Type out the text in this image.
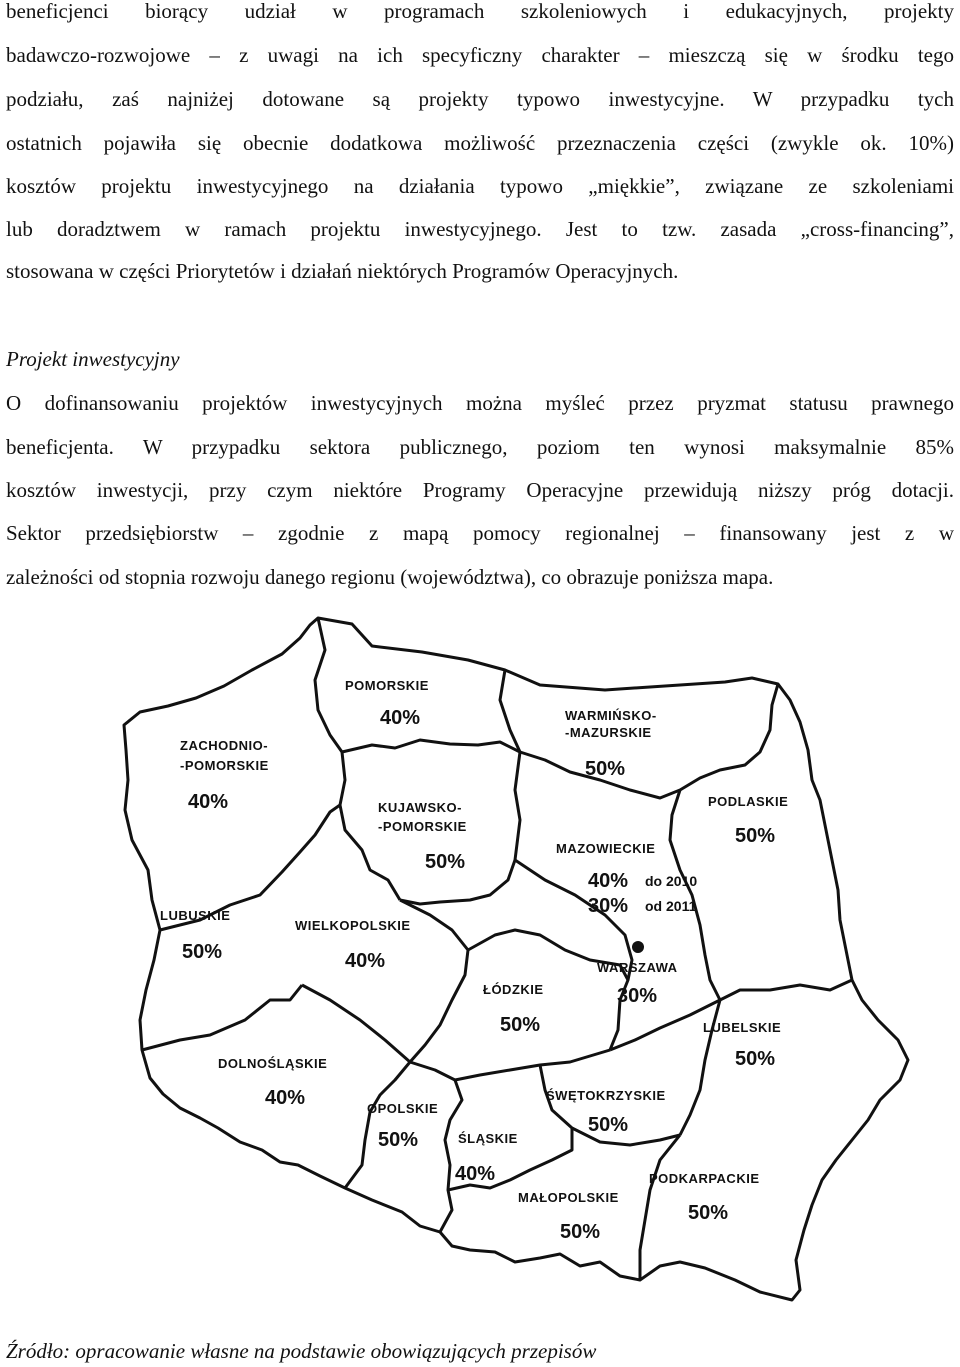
beneficjenci biorący udział w programach szkoleniowych i edukacyjnych, projekty
badawczo-rozwojowe – z uwagi na ich specyficzny charakter – mieszczą się w środku tego
podziału, zaś najniżej dotowane są projekty typowo inwestycyjne. W przypadku tych
ostatnich pojawiła się obecnie dodatkowa możliwość przeznaczenia części (zwykle ok. 10%)
kosztów projektu inwestycyjnego na działania typowo „miękkie”, związane ze szkoleniami
lub doradztwem w ramach projektu inwestycyjnego. Jest to tzw. zasada „cross-financing”,
stosowana w części Priorytetów i działań niektórych Programów Operacyjnych.
Projekt inwestycyjny
O dofinansowaniu projektów inwestycyjnych można myśleć przez pryzmat statusu prawnego
beneficjenta. W przypadku sektora publicznego, poziom ten wynosi maksymalnie 85%
kosztów inwestycji, przy czym niektóre Programy Operacyjne przewidują niższy próg dotacji.
Sektor przedsiębiorstw – zgodnie z mapą pomocy regionalnej – finansowany jest z w
zależności od stopnia rozwoju danego regionu (województwa), co obrazuje poniższa mapa.
POMORSKIE
40%	WARMIŃSKO-
-MAZURSKIE
50%
ZACHODNIO-
-POMORSKIE
40%	KUJAWSKO-
-POMORSKIE
50%
PODLASKIE
50%
MAZOWIECKIE
40% do 2010
30% od 2011
LUBUSKIE
50%
WIELKOPOLSKIE
40%	WARSZAWA
30%
ŁÓDZKIE
50%	LUBELSKIE
50%
DOLNOŚLĄSKIE
40%	ŚWĘTOKRZYSKIE
50%
OPOLSKIE
50%	ŚLĄSKIE
40%	PODKARPACKIE
50%
MAŁOPOLSKIE
50%
Źródło: opracowanie własne na podstawie obowiązujących przepisów
